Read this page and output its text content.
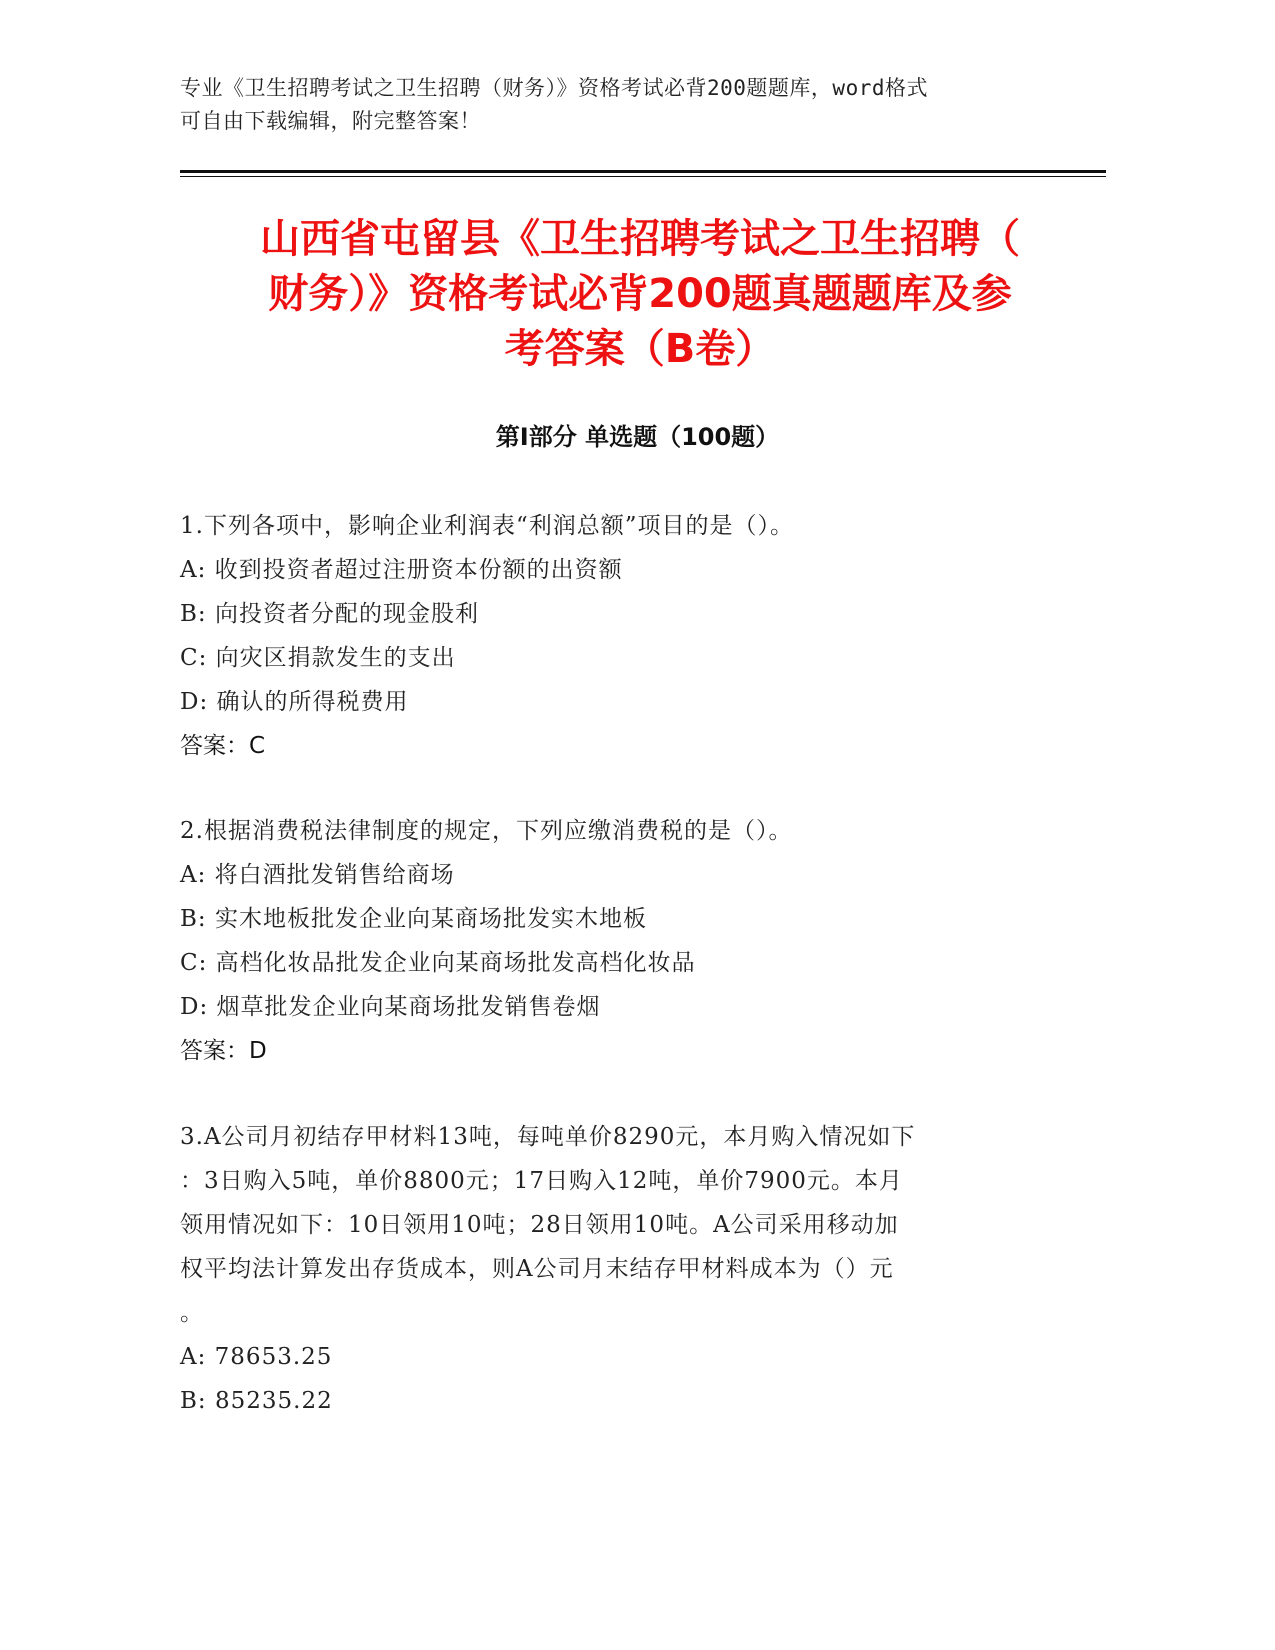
专业《卫生招聘考试之卫生招聘（财务）》资格考试必背200题题库，word格式
可自由下载编辑，附完整答案！
山西省屯留县《卫生招聘考试之卫生招聘（
财务）》资格考试必背200题真题题库及参
考答案（B卷）
第Ⅰ部分 单选题（100题）
1.下列各项中，影响企业利润表“利润总额”项目的是（）。
A: 收到投资者超过注册资本份额的出资额
B: 向投资者分配的现金股利
C: 向灾区捐款发生的支出
D: 确认的所得税费用
答案：C
2.根据消费税法律制度的规定，下列应缴消费税的是（）。
A: 将白酒批发销售给商场
B: 实木地板批发企业向某商场批发实木地板
C: 高档化妆品批发企业向某商场批发高档化妆品
D: 烟草批发企业向某商场批发销售卷烟
答案：D
3.A公司月初结存甲材料13吨，每吨单价8290元，本月购入情况如下
：3日购入5吨，单价8800元；17日购入12吨，单价7900元。本月
领用情况如下：10日领用10吨；28日领用10吨。A公司采用移动加
权平均法计算发出存货成本，则A公司月末结存甲材料成本为（）元
。
A: 78653.25
B: 85235.22
